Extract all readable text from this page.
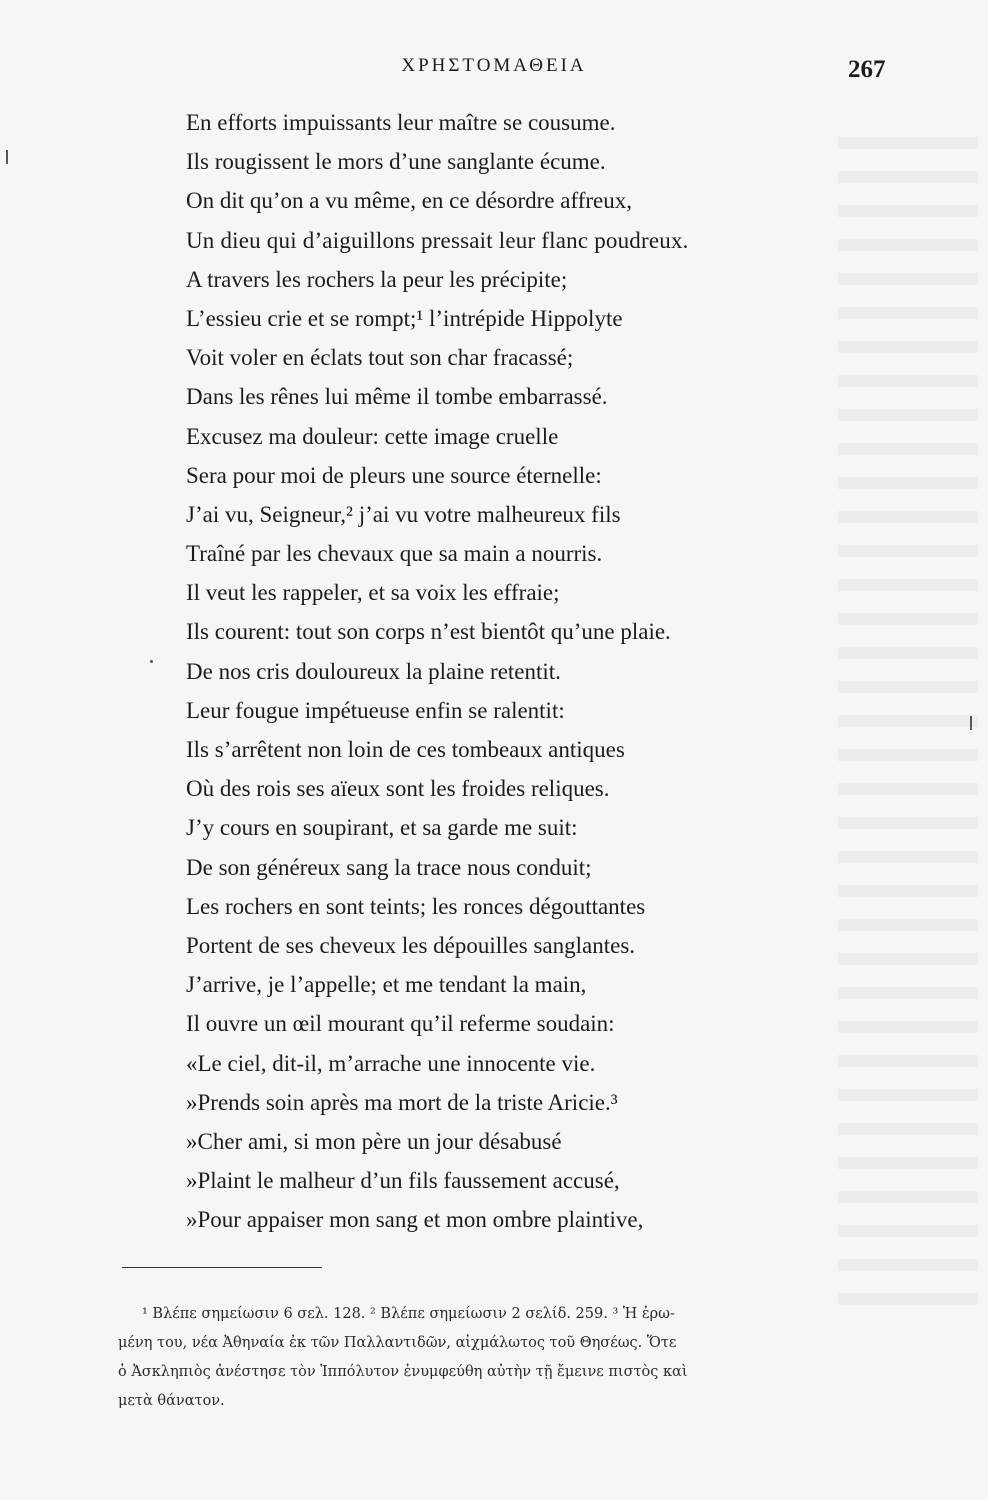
ΧΡΗΣΤΟΜΑΘΕΙΑ	267
En efforts impuissants leur maître se cousume.
Ils rougissent le mors d’une sanglante écume.
On dit qu’on a vu même, en ce désordre affreux,
Un dieu qui d’aiguillons pressait leur flanc poudreux.
A travers les rochers la peur les précipite;
L’essieu crie et se rompt;¹ l’intrépide Hippolyte
Voit voler en éclats tout son char fracassé;
Dans les rênes lui même il tombe embarrassé.
Excusez ma douleur: cette image cruelle
Sera pour moi de pleurs une source éternelle:
J’ai vu, Seigneur,² j’ai vu votre malheureux fils
Traîné par les chevaux que sa main a nourris.
Il veut les rappeler, et sa voix les effraie;
Ils courent: tout son corps n’est bientôt qu’une plaie.
De nos cris douloureux la plaine retentit.
Leur fougue impétueuse enfin se ralentit:
Ils s’arrêtent non loin de ces tombeaux antiques
Où des rois ses aïeux sont les froides reliques.
J’y cours en soupirant, et sa garde me suit:
De son généreux sang la trace nous conduit;
Les rochers en sont teints; les ronces dégouttantes
Portent de ses cheveux les dépouilles sanglantes.
J’arrive, je l’appelle; et me tendant la main,
Il ouvre un œil mourant qu’il referme soudain:
«Le ciel, dit-il, m’arrache une innocente vie.
»Prends soin après ma mort de la triste Aricie.³
»Cher ami, si mon père un jour désabusé
»Plaint le malheur d’un fils faussement accusé,
»Pour appaiser mon sang et mon ombre plaintive,
¹ Βλέπε σημείωσιν 6 σελ. 128. ² Βλέπε σημείωσιν 2 σελίδ. 259. ³ Ἡ ἐρω-
μένη του, νέα Ἀθηναία ἐκ τῶν Παλλαντιδῶν, αἰχμάλωτος τοῦ Θησέως. Ὅτε
ὁ Ἀσκληπιὸς ἀνέστησε τὸν Ἱππόλυτον ἐνυμφεύθη αὐτὴν τῇ ἔμεινε πιστὸς καὶ
μετὰ θάνατον.
